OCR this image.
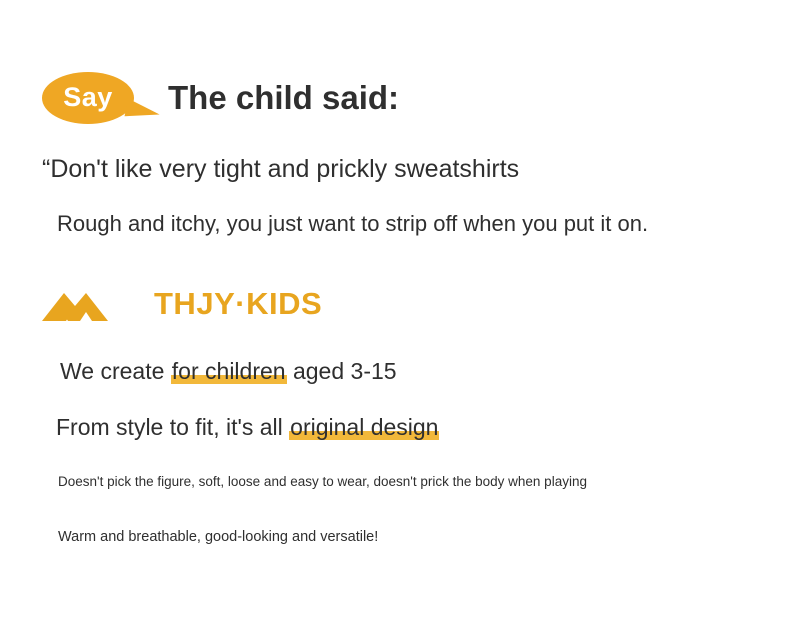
Say The child said:
“Don't like very tight and prickly sweatshirts
Rough and itchy, you just want to strip off when you put it on.
THJY·KIDS
We create for children aged 3-15
From style to fit, it's all original design
Doesn't pick the figure, soft, loose and easy to wear, doesn't prick the body when playing
Warm and breathable, good-looking and versatile!
